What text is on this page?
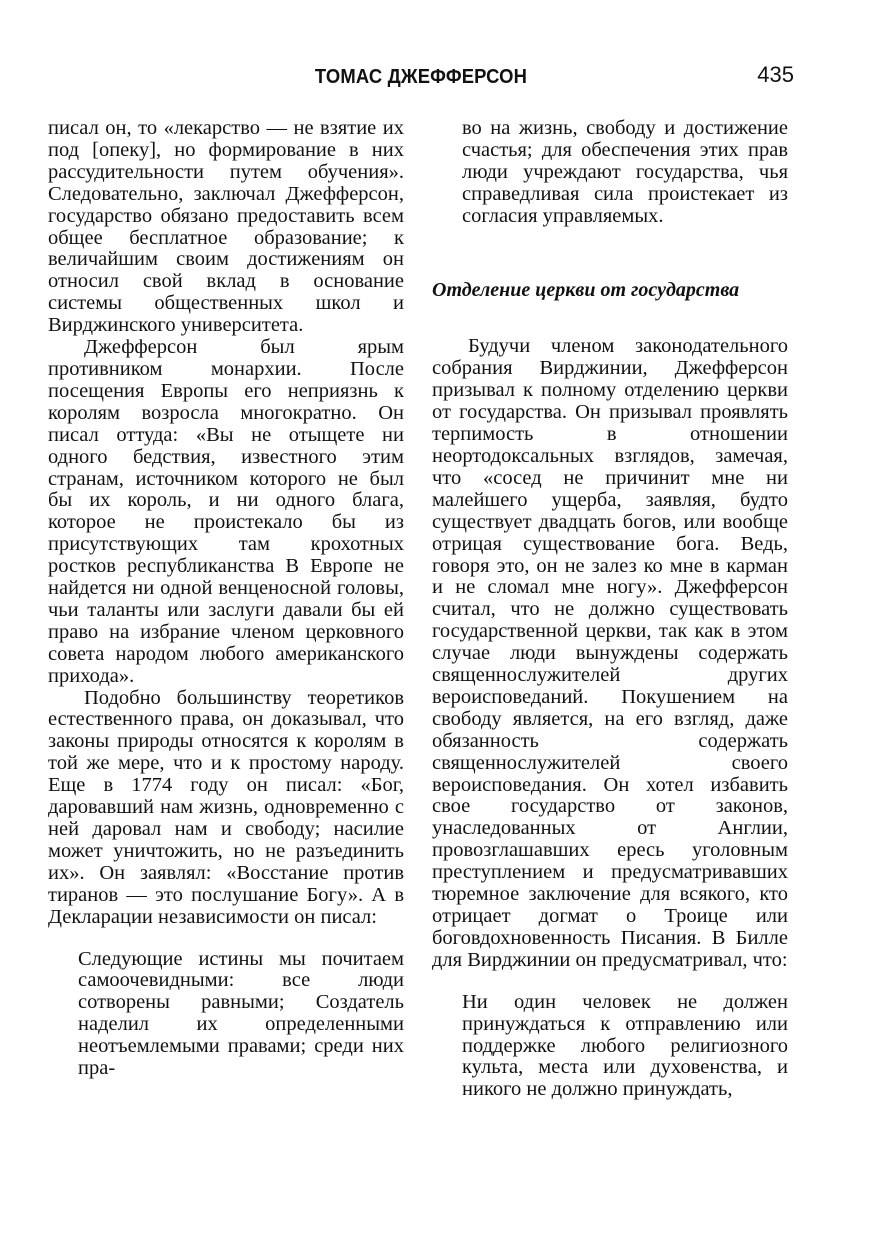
ТОМАС ДЖЕФФЕРСОН	435

писал он, то «лекарство — не взятие их под [опеку], но формирование в них рассудительности путем обучения». Следовательно, заключал Джефферсон, государство обязано предоставить всем общее бесплатное образование; к величайшим своим достижениям он относил свой вклад в основание системы общественных школ и Вирджинского университета.

Джефферсон был ярым противником монархии. После посещения Европы его неприязнь к королям возросла многократно. Он писал оттуда: «Вы не отыщете ни одного бедствия, известного этим странам, источником которого не был бы их король, и ни одного блага, которое не проистекало бы из присутствующих там крохотных ростков республиканства В Европе не найдется ни одной венценосной головы, чьи таланты или заслуги давали бы ей право на избрание членом церковного совета народом любого американского прихода».

Подобно большинству теоретиков естественного права, он доказывал, что законы природы относятся к королям в той же мере, что и к простому народу. Еще в 1774 году он писал: «Бог, даровавший нам жизнь, одновременно с ней даровал нам и свободу; насилие может уничтожить, но не разъединить их». Он заявлял: «Восстание против тиранов — это послушание Богу». А в Декларации независимости он писал:

Следующие истины мы почитаем самоочевидными: все люди сотворены равными; Создатель наделил их определенными неотъемлемыми правами; среди них пра-

во на жизнь, свободу и достижение счастья; для обеспечения этих прав люди учреждают государства, чья справедливая сила проистекает из согласия управляемых.

Отделение церкви от государства

Будучи членом законодательного собрания Вирджинии, Джефферсон призывал к полному отделению церкви от государства. Он призывал проявлять терпимость в отношении неортодоксальных взглядов, замечая, что «сосед не причинит мне ни малейшего ущерба, заявляя, будто существует двадцать богов, или вообще отрицая существование бога. Ведь, говоря это, он не залез ко мне в карман и не сломал мне ногу». Джефферсон считал, что не должно существовать государственной церкви, так как в этом случае люди вынуждены содержать священнослужителей других вероисповеданий. Покушением на свободу является, на его взгляд, даже обязанность содержать священнослужителей своего вероисповедания. Он хотел избавить свое государство от законов, унаследованных от Англии, провозглашавших ересь уголовным преступлением и предусматривавших тюремное заключение для всякого, кто отрицает догмат о Троице или боговдохновенность Писания. В Билле для Вирджинии он предусматривал, что:

Ни один человек не должен принуждаться к отправлению или поддержке любого религиозного культа, места или духовенства, и никого не должно принуждать,
